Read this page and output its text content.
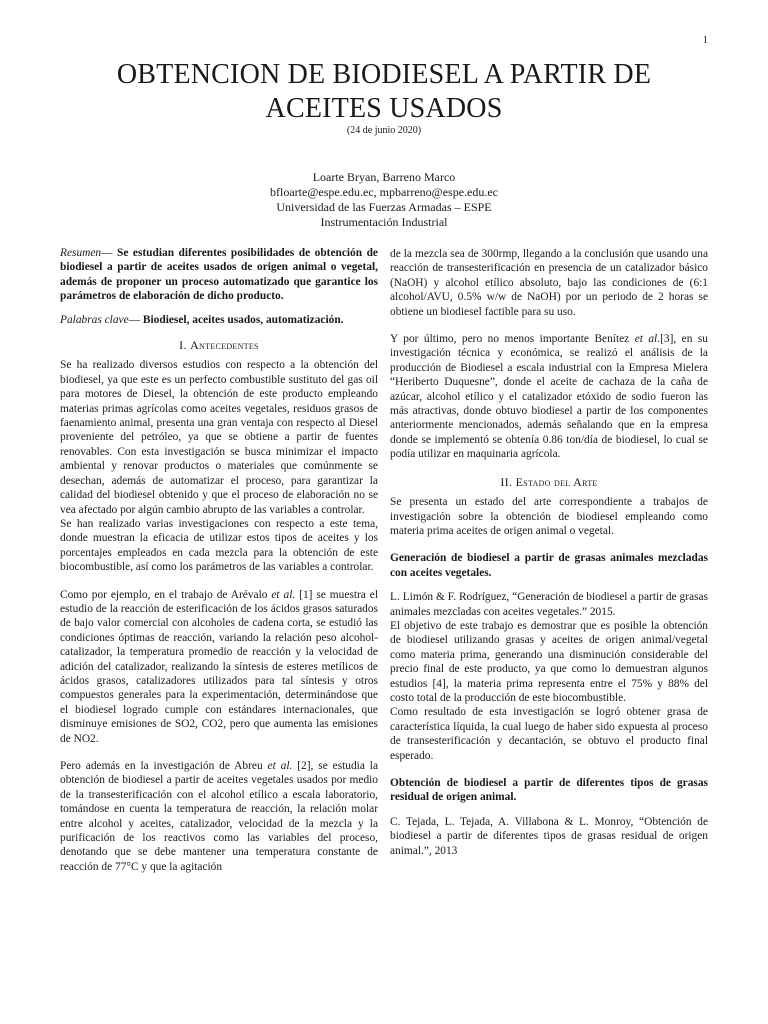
1
OBTENCION DE BIODIESEL A PARTIR DE
ACEITES USADOS
(24 de junio 2020)
Loarte Bryan, Barreno Marco
bfloarte@espe.edu.ec, mpbarreno@espe.edu.ec
Universidad de las Fuerzas Armadas – ESPE
Instrumentación Industrial

Resumen— Se estudian diferentes posibilidades de obtención de biodiesel a partir de aceites usados de origen animal o vegetal, además de proponer un proceso automatizado que garantice los parámetros de elaboración de dicho producto.

Palabras clave— Biodiesel, aceites usados, automatización.

I. Antecedentes

Se ha realizado diversos estudios con respecto a la obtención del biodiesel, ya que este es un perfecto combustible sustituto del gas oil para motores de Diesel, la obtención de este producto empleando materias primas agrícolas como aceites vegetales, residuos grasos de faenamiento animal, presenta una gran ventaja con respecto al Diesel proveniente del petróleo, ya que se obtiene a partir de fuentes renovables. Con esta investigación se busca minimizar el impacto ambiental y renovar productos o materiales que comúnmente se desechan, además de automatizar el proceso, para garantizar la calidad del biodiesel obtenido y que el proceso de elaboración no se vea afectado por algún cambio abrupto de las variables a controlar.

Se han realizado varias investigaciones con respecto a este tema, donde muestran la eficacia de utilizar estos tipos de aceites y los porcentajes empleados en cada mezcla para la obtención de este biocombustible, así como los parámetros de las variables a controlar.

Como por ejemplo, en el trabajo de Arévalo et al. [1] se muestra el estudio de la reacción de esterificación de los ácidos grasos saturados de bajo valor comercial con alcoholes de cadena corta, se estudió las condiciones óptimas de reacción, variando la relación peso alcohol-catalizador, la temperatura promedio de reacción y la velocidad de adición del catalizador, realizando la síntesis de esteres metílicos de ácidos grasos, catalizadores utilizados para tal síntesis y otros compuestos generales para la experimentación, determinándose que el biodiesel logrado cumple con estándares internacionales, que disminuye emisiones de SO2, CO2, pero que aumenta las emisiones de NO2.

Pero además en la investigación de Abreu et al. [2], se estudia la obtención de biodiesel a partir de aceites vegetales usados por medio de la transesterificación con el alcohol etílico a escala laboratorio, tomándose en cuenta la temperatura de reacción, la relación molar entre alcohol y aceites, catalizador, velocidad de la mezcla y la purificación de los reactivos como las variables del proceso, denotando que se debe mantener una temperatura constante de reacción de 77°C y que la agitación

de la mezcla sea de 300rmp, llegando a la conclusión que usando una reacción de transesterificación en presencia de un catalizador básico (NaOH) y alcohol etílico absoluto, bajo las condiciones de (6:1 alcohol/AVU, 0.5% w/w de NaOH) por un periodo de 2 horas se obtiene un biodiesel factible para su uso.

Y por último, pero no menos importante Benítez et al.[3], en su investigación técnica y económica, se realizó el análisis de la producción de Biodiesel a escala industrial con la Empresa Mielera “Heriberto Duquesne”, donde el aceite de cachaza de la caña de azúcar, alcohol etílico y el catalizador etóxido de sodio fueron las más atractivas, donde obtuvo biodiesel a partir de los componentes anteriormente mencionados, además señalando que en la empresa donde se implementó se obtenía 0.86 ton/día de biodiesel, lo cual se podía utilizar en maquinaria agrícola.

II. Estado del Arte

Se presenta un estado del arte correspondiente a trabajos de investigación sobre la obtención de biodiesel empleando como materia prima aceites de origen animal o vegetal.

Generación de biodiesel a partir de grasas animales mezcladas con aceites vegetales.

L. Limón & F. Rodríguez, “Generación de biodiesel a partir de grasas animales mezcladas con aceites vegetales.” 2015.

El objetivo de este trabajo es demostrar que es posible la obtención de biodiesel utilizando grasas y aceites de origen animal/vegetal como materia prima, generando una disminución considerable del precio final de este producto, ya que como lo demuestran algunos estudios [4], la materia prima representa entre el 75% y 88% del costo total de la producción de este biocombustible.

Como resultado de esta investigación se logró obtener grasa de característica líquida, la cual luego de haber sido expuesta al proceso de transesterificación y decantación, se obtuvo el producto final esperado.

Obtención de biodiesel a partir de diferentes tipos de grasas residual de origen animal.

C. Tejada, L. Tejada, A. Villabona & L. Monroy, “Obtención de biodiesel a partir de diferentes tipos de grasas residual de origen animal.”, 2013
